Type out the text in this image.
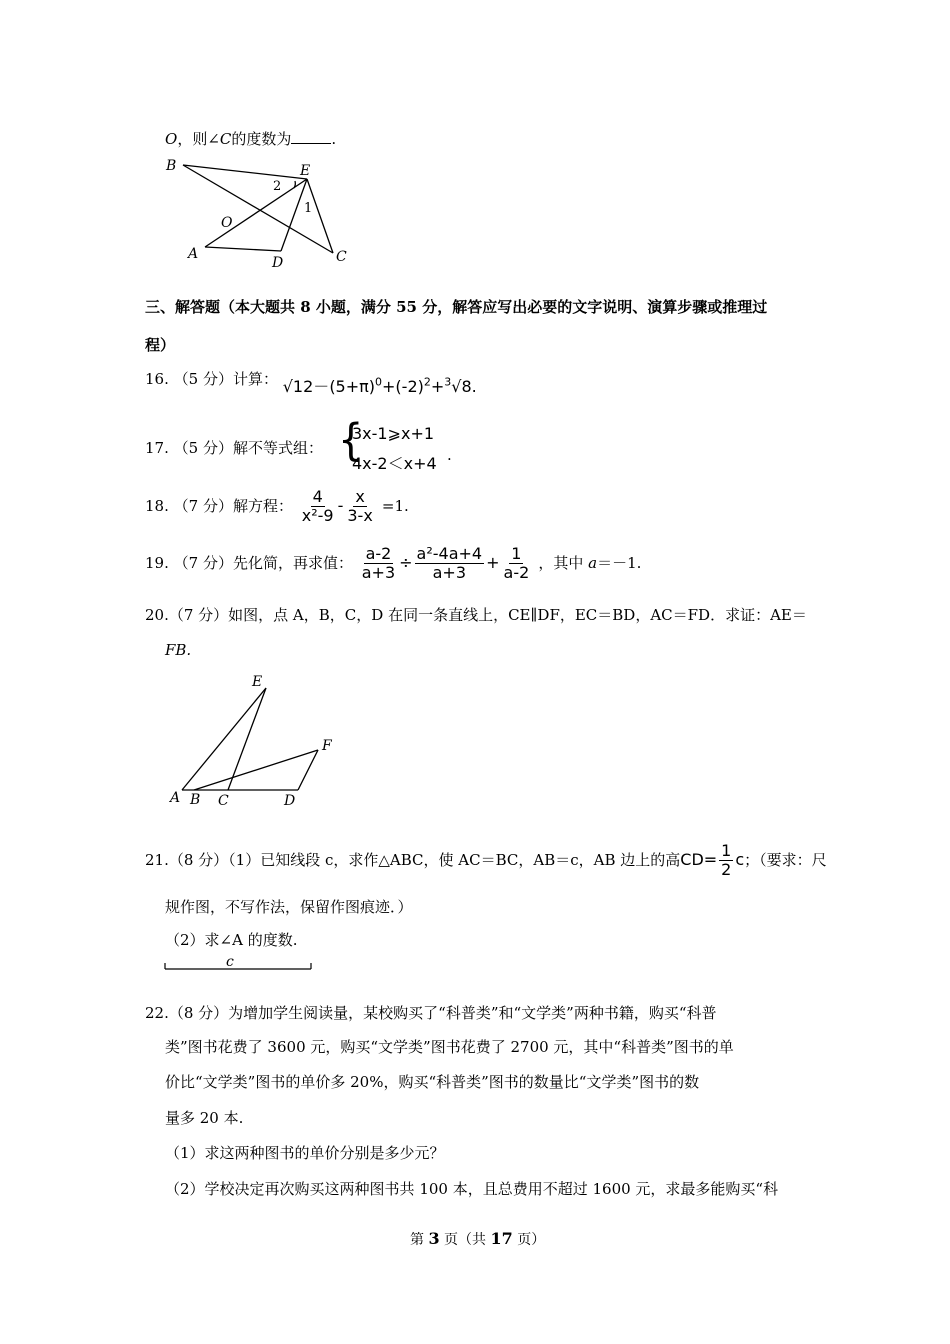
O，则∠C的度数为	.
B	E
2
1
O
A
D	C
三、解答题（本大题共 8 小题，满分 55 分，解答应写出必要的文字说明、演算步骤或推理过
程）
16. （5 分）计算： $√12-(5+\pi)^0+(-2)^2+^3√8$.
17. （5 分）解不等式组： {
3x-1⩾x+1
4x-2＜x+4 .
18. （7 分）解方程： $\frac{4}{\text{x²-9}} - \frac{x}{3-x} =1$.
19. （7 分）先化简，再求值： $\frac{a-2}{a+3} \div \frac{\text{a²-4a+4}}{a+3} + \frac{1}{a-2}$ ，其中 a＝－1.
20.（7 分）如图，点 A，B，C，D 在同一条直线上，CE∥DF，EC＝BD，AC＝FD．求证：AE＝
FB.
E
F
A B C	D
21.（8 分）（1）已知线段 c，求作△ABC，使 AC＝BC，AB＝c，AB 边上的高$CD= \frac{1}{2}$ c；（要求：尺
规作图，不写作法，保留作图痕迹．）
（2）求∠A 的度数.
c
22.（8 分）为增加学生阅读量，某校购买了“科普类”和“文学类”两种书籍，购买“科普
类”图书花费了 3600 元，购买“文学类”图书花费了 2700 元，其中“科普类”图书的单
价比“文学类”图书的单价多 20%，购买“科普类”图书的数量比“文学类”图书的数
量多 20 本.
（1）求这两种图书的单价分别是多少元？
（2）学校决定再次购买这两种图书共 100 本，且总费用不超过 1600 元，求最多能购买“科
第 3 页（共 17 页）
